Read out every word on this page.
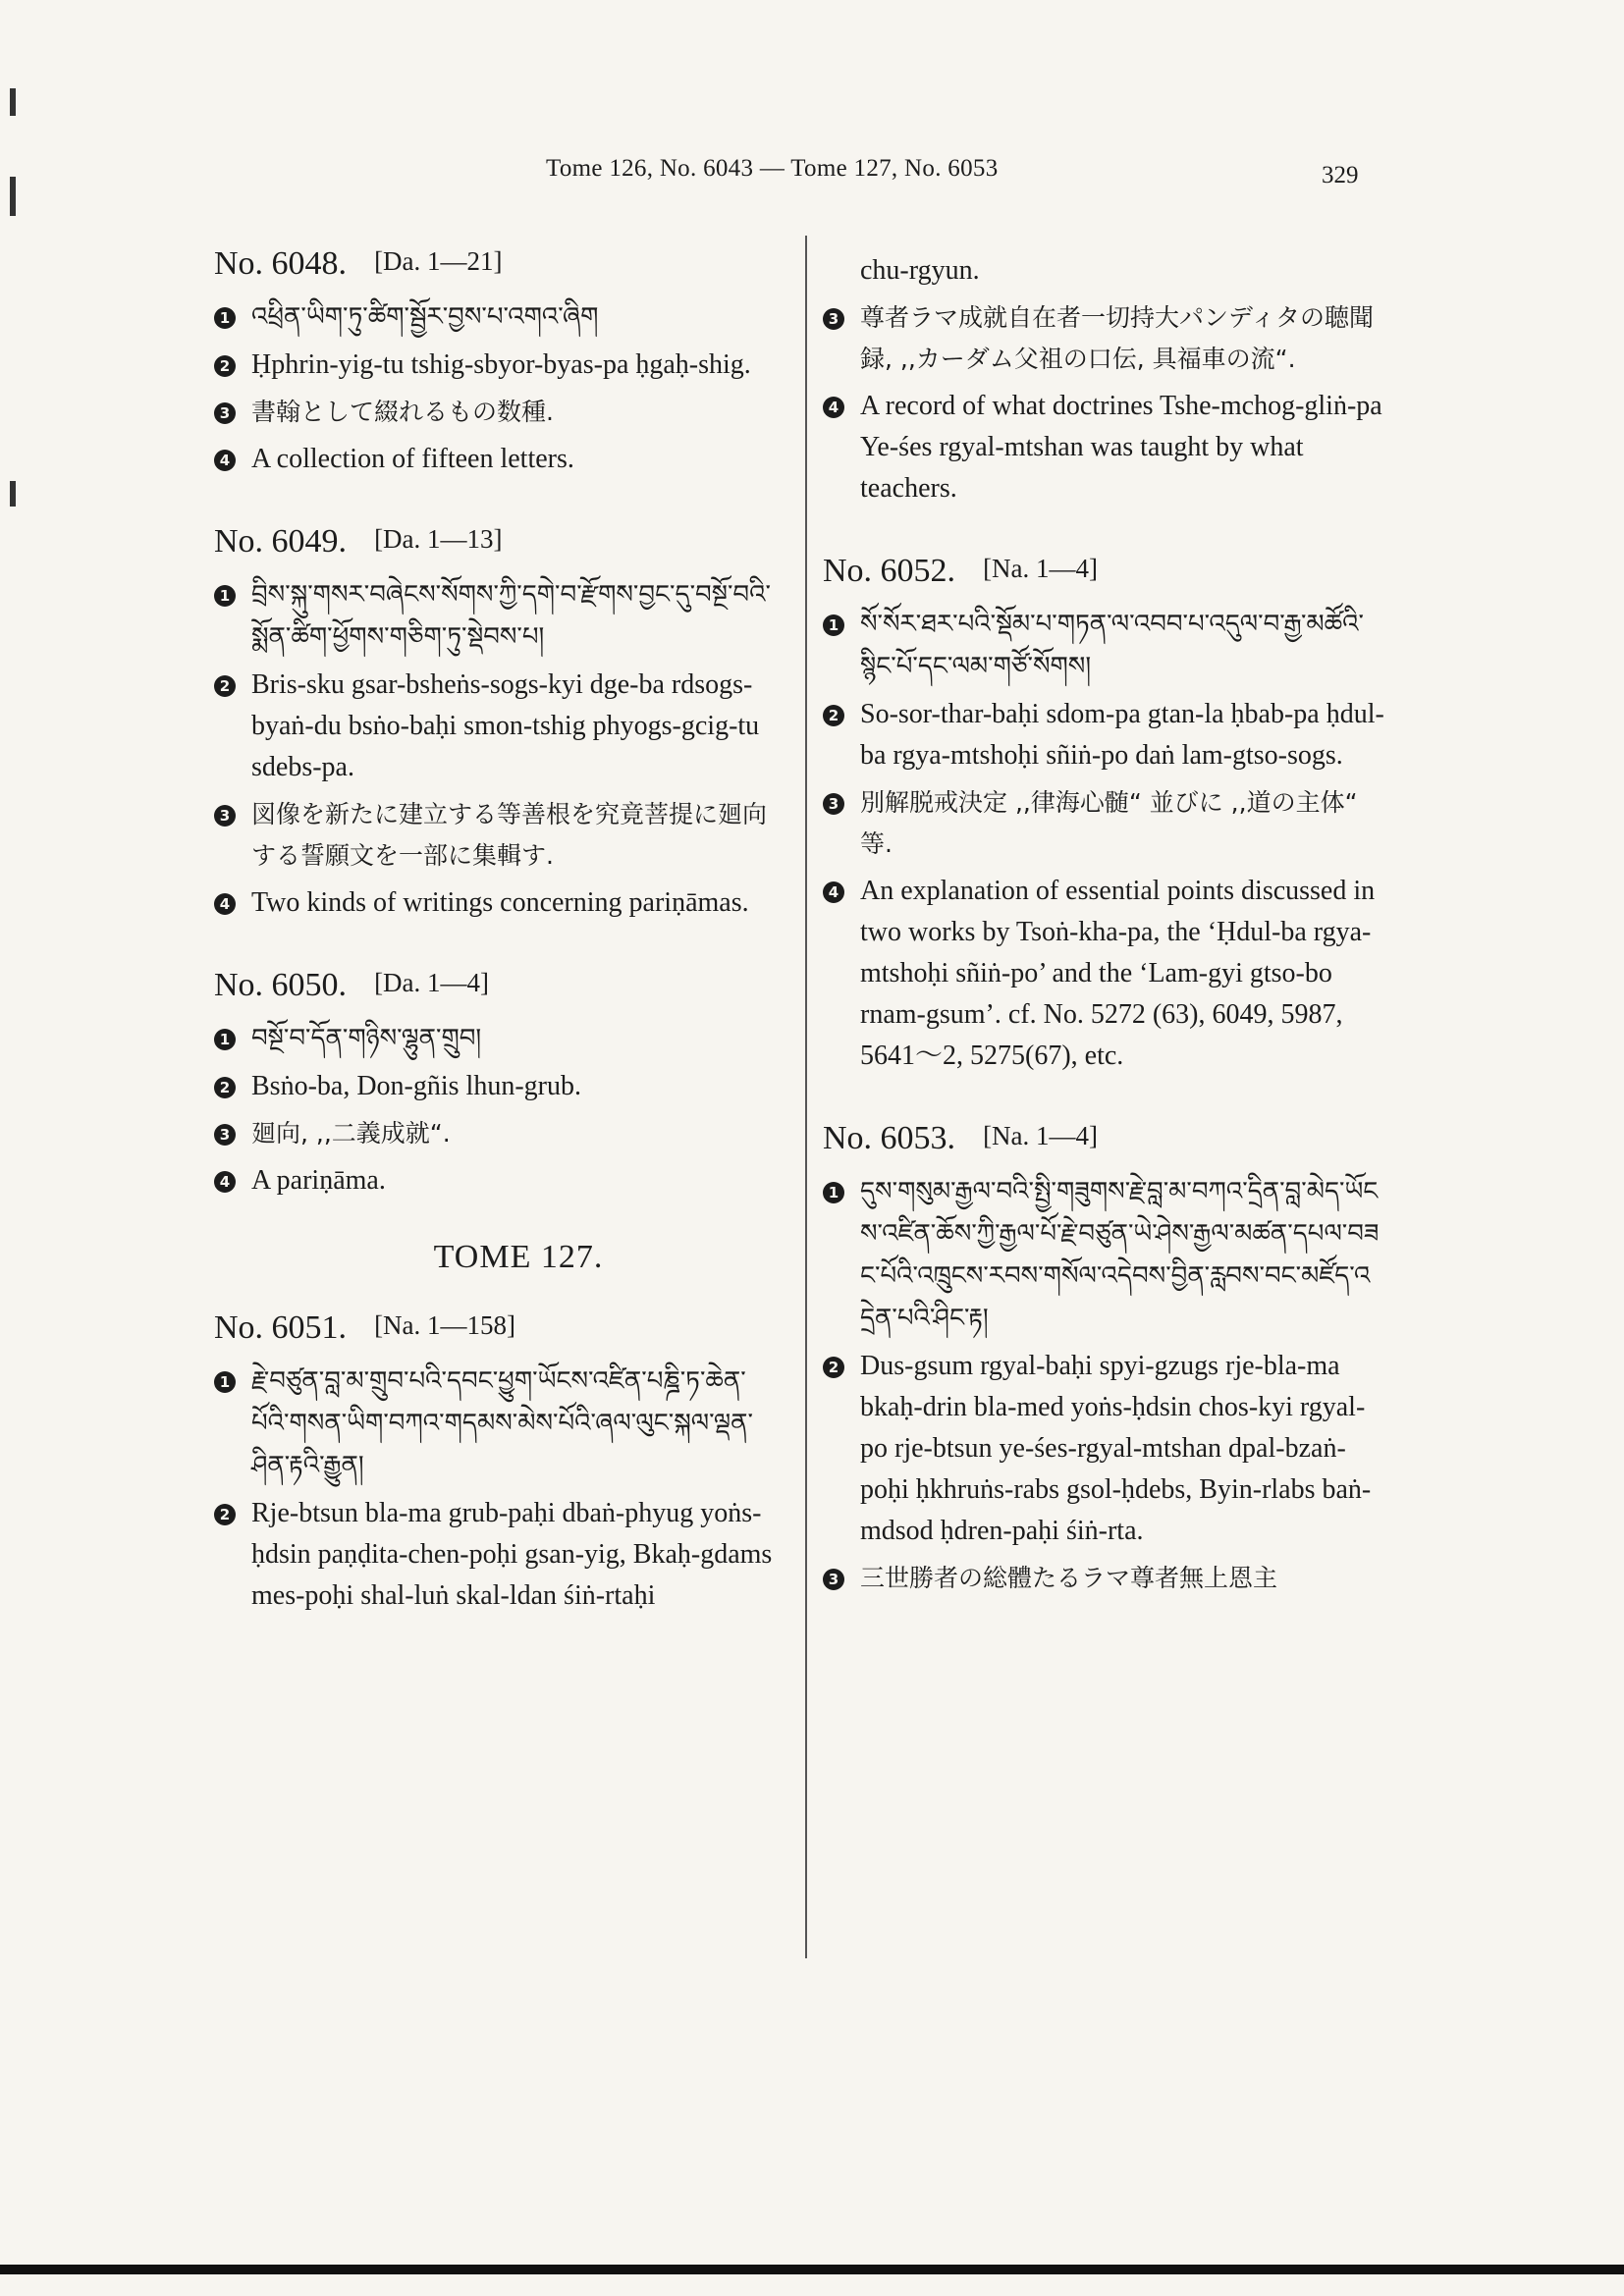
Tome 126, No. 6043 — Tome 127, No. 6053	329
No. 6048. [Da. 1—21]
1 འཕྲིན་ཡིག་ཏུ་ཚིག་སྦྱོར་བྱས་པ་འགའ་ཞིག
2 Ḥphrin-yig-tu tshig-sbyor-byas-pa ḥgaḥ-shig.
3 書翰として綴れるもの数種.
4 A collection of fifteen letters.
No. 6049. [Da. 1—13]
1 བྲིས་སྐུ་གསར་བཞེངས་སོགས་ཀྱི་དགེ་བ་རྫོགས་བྱང་དུ་བསྔོ་བའི་སྨོན་ཚིག་ཕྱོགས་གཅིག་ཏུ་སྡེབས་པ།
2 Bris-sku gsar-bsheṅs-sogs-kyi dge-ba rdsogs-byaṅ-du bsṅo-baḥi smon-tshig phyogs-gcig-tu sdebs-pa.
3 図像を新たに建立する等善根を究竟菩提に廻向する誓願文を一部に集輯す.
4 Two kinds of writings concerning pariṇāmas.
No. 6050. [Da. 1—4]
1 བསྔོ་བ་དོན་གཉིས་ལྷུན་གྲུབ།
2 Bsṅo-ba, Don-gñis lhun-grub.
3 廻向, ,,二義成就“.
4 A pariṇāma.
TOME 127.
No. 6051. [Na. 1—158]
1 རྗེ་བཙུན་བླ་མ་གྲུབ་པའི་དབང་ཕྱུག་ཡོངས་འཛིན་པཎྜི་ཏ་ཆེན་པོའི་གསན་ཡིག་བཀའ་གདམས་མེས་པོའི་ཞལ་ལུང་སྐལ་ལྡན་ཤིན་རྟའི་རྒྱུན།
2 Rje-btsun bla-ma grub-paḥi dbaṅ-phyug yoṅs-ḥdsin paṇḍita-chen-poḥi gsan-yig, Bkaḥ-gdams mes-poḥi shal-luṅ skal-ldan śiṅ-rtaḥi
chu-rgyun.
3 尊者ラマ成就自在者一切持大パンディタの聴聞録, ,,カーダム父祖の口伝, 具福車の流“.
4 A record of what doctrines Tshe-mchog-gliṅ-pa Ye-śes rgyal-mtshan was taught by what teachers.
No. 6052. [Na. 1—4]
1 སོ་སོར་ཐར་པའི་སྡོམ་པ་གཏན་ལ་འབབ་པ་འདུལ་བ་རྒྱ་མཚོའི་སྙིང་པོ་དང་ལམ་གཙོ་སོགས།
2 So-sor-thar-baḥi sdom-pa gtan-la ḥbab-pa ḥdul-ba rgya-mtshoḥi sñiṅ-po daṅ lam-gtso-sogs.
3 別解脱戒決定 ,,律海心髄“ 並びに ,,道の主体“ 等.
4 An explanation of essential points discussed in two works by Tsoṅ-kha-pa, the ‘Ḥdul-ba rgya-mtshoḥi sñiṅ-po’ and the ‘Lam-gyi gtso-bo rnam-gsum’. cf. No. 5272 (63), 6049, 5987, 5641～2, 5275(67), etc.
No. 6053. [Na. 1—4]
1 དུས་གསུམ་རྒྱལ་བའི་སྤྱི་གཟུགས་རྗེ་བླ་མ་བཀའ་དྲིན་བླ་མེད་ཡོངས་འཛིན་ཆོས་ཀྱི་རྒྱལ་པོ་རྗེ་བཙུན་ཡེ་ཤེས་རྒྱལ་མཚན་དཔལ་བཟང་པོའི་འཁྲུངས་རབས་གསོལ་འདེབས་བྱིན་རླབས་བང་མཛོད་འདྲེན་པའི་ཤིང་རྟ།
2 Dus-gsum rgyal-baḥi spyi-gzugs rje-bla-ma bkaḥ-drin bla-med yoṅs-ḥdsin chos-kyi rgyal-po rje-btsun ye-śes-rgyal-mtshan dpal-bzaṅ-poḥi ḥkhruṅs-rabs gsol-ḥdebs, Byin-rlabs baṅ- mdsod ḥdren-paḥi śiṅ-rta.
3 三世勝者の総體たるラマ尊者無上恩主
